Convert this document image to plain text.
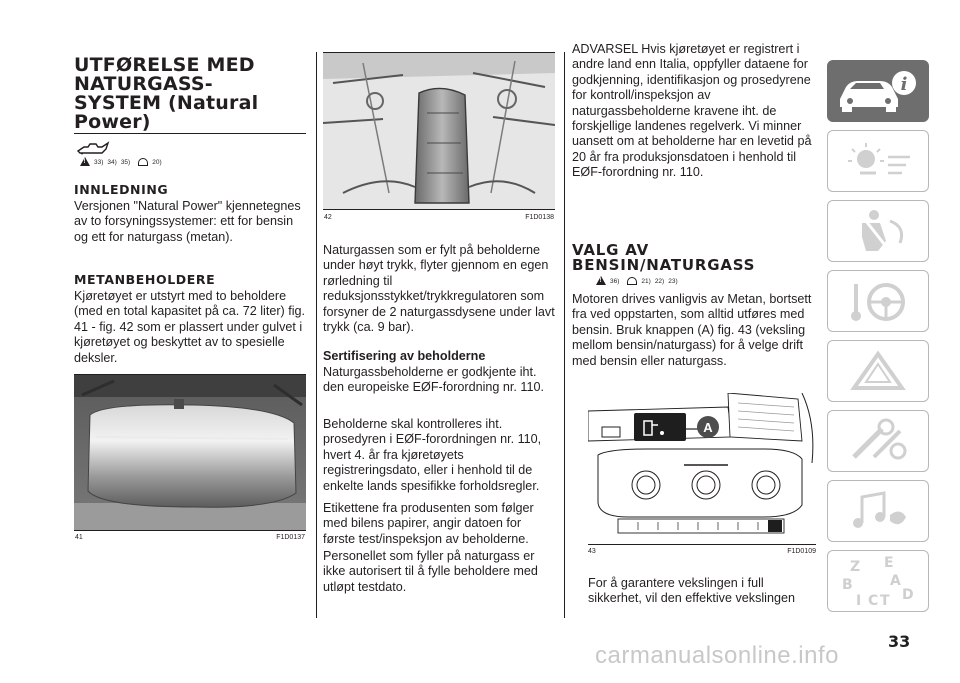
UTFØRELSE MED
NATURGASS-
SYSTEM (Natural
Power)
!
33) 34) 35)	20)
INNLEDNING
Versjonen "Natural Power" kjennetegnes av to forsyningssystemer: ett for bensin og ett for naturgass (metan).
METANBEHOLDERE
Kjøretøyet er utstyrt med to beholdere (med en total kapasitet på ca. 72 liter) fig. 41 - fig. 42 som er plassert under gulvet i kjøretøyet og beskyttet av to spesielle deksler.
41	F1D0137
42	F1D0138
Naturgassen som er fylt på beholderne under høyt trykk, flyter gjennom en egen rørledning til reduksjonsstykket/trykkregulatoren som forsyner de 2 naturgassdysene under lavt trykk (ca. 9 bar).
Sertifisering av beholderne
Naturgassbeholderne er godkjente iht. den europeiske EØF-forordning nr. 110.
Beholderne skal kontrolleres iht. prosedyren i EØF-forordningen nr. 110, hvert 4. år fra kjøretøyets registreringsdato, eller i henhold til de enkelte lands spesifikke forholdsregler.
Etikettene fra produsenten som følger med bilens papirer, angir datoen for første test/inspeksjon av beholderne.
Personellet som fyller på naturgass er ikke autorisert til å fylle beholdere med utløpt testdato.
ADVARSEL Hvis kjøretøyet er registrert i andre land enn Italia, oppfyller dataene for godkjenning, identifikasjon og prosedyrene for kontroll/inspeksjon av naturgassbeholderne kravene iht. de forskjellige landenes regelverk. Vi minner uansett om at beholderne har en levetid på 20 år fra produksjonsdatoen i henhold til EØF-forordning nr. 110.
VALG AV
BENSIN/NATURGASS
!
36)	21) 22) 23)
Motoren drives vanligvis av Metan, bortsett fra ved oppstarten, som alltid utføres med bensin. Bruk knappen (A) fig. 43 (veksling mellom bensin/naturgass) for å velge drift med bensin eller naturgass.
A
43	F1D0109
For å garantere vekslingen i full sikkerhet, vil den effektive vekslingen
i
Z E
B	A
I C T D
33
carmanualsonline.info
